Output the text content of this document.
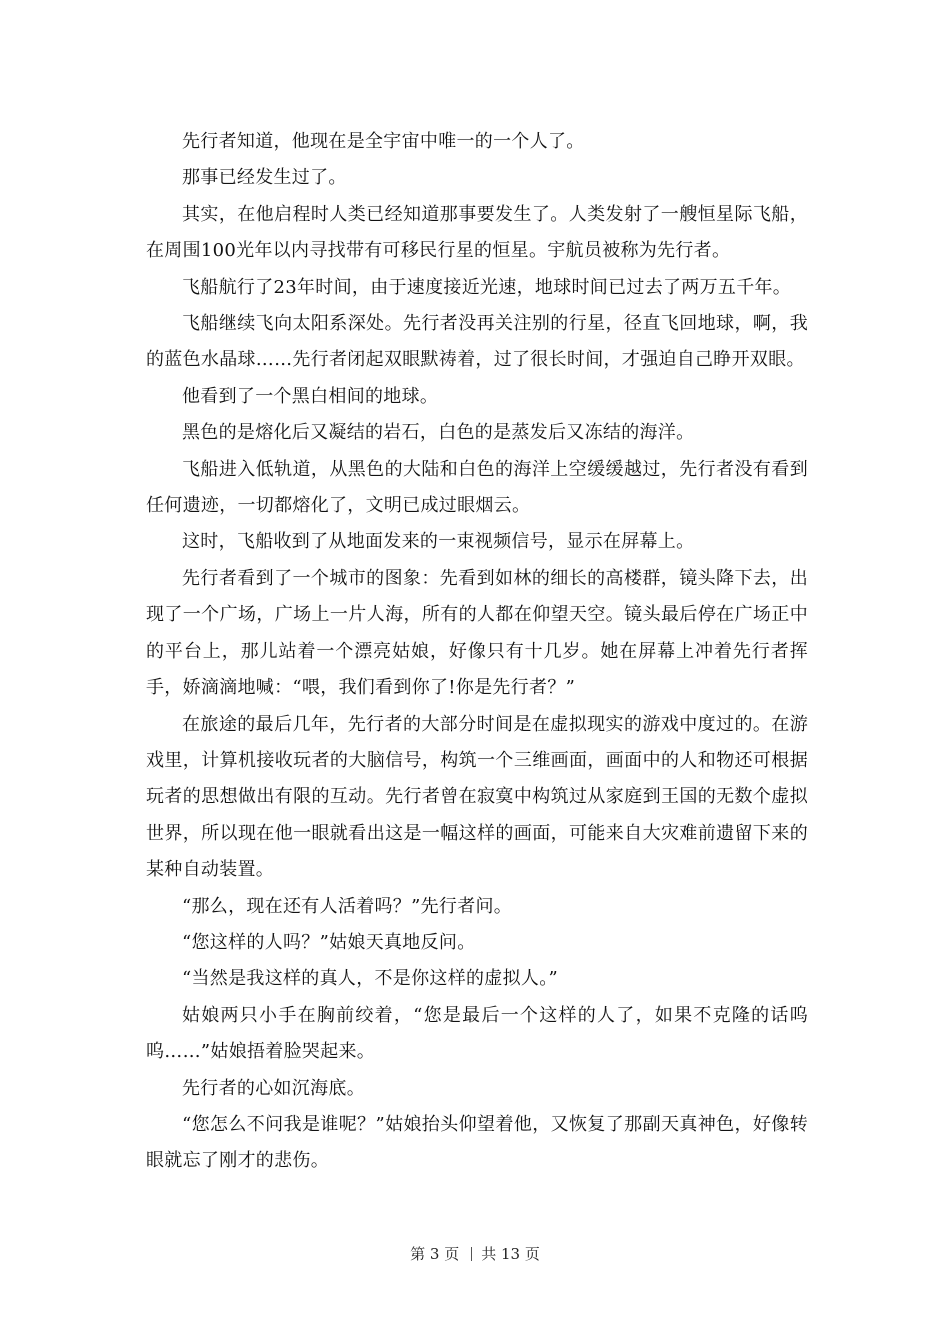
先行者知道，他现在是全宇宙中唯一的一个人了。

那事已经发生过了。

其实，在他启程时人类已经知道那事要发生了。人类发射了一艘恒星际飞船，在周围100光年以内寻找带有可移民行星的恒星。宇航员被称为先行者。

飞船航行了23年时间，由于速度接近光速，地球时间已过去了两万五千年。

飞船继续飞向太阳系深处。先行者没再关注别的行星，径直飞回地球，啊，我的蓝色水晶球……先行者闭起双眼默祷着，过了很长时间，才强迫自己睁开双眼。

他看到了一个黑白相间的地球。

黑色的是熔化后又凝结的岩石，白色的是蒸发后又冻结的海洋。

飞船进入低轨道，从黑色的大陆和白色的海洋上空缓缓越过，先行者没有看到任何遗迹，一切都熔化了，文明已成过眼烟云。

这时，飞船收到了从地面发来的一束视频信号，显示在屏幕上。

先行者看到了一个城市的图象：先看到如林的细长的高楼群，镜头降下去，出现了一个广场，广场上一片人海，所有的人都在仰望天空。镜头最后停在广场正中的平台上，那儿站着一个漂亮姑娘，好像只有十几岁。她在屏幕上冲着先行者挥手，娇滴滴地喊：“喂，我们看到你了!你是先行者？”

在旅途的最后几年，先行者的大部分时间是在虚拟现实的游戏中度过的。在游戏里，计算机接收玩者的大脑信号，构筑一个三维画面，画面中的人和物还可根据玩者的思想做出有限的互动。先行者曾在寂寞中构筑过从家庭到王国的无数个虚拟世界，所以现在他一眼就看出这是一幅这样的画面，可能来自大灾难前遗留下来的某种自动装置。

“那么，现在还有人活着吗？”先行者问。

“您这样的人吗？”姑娘天真地反问。

“当然是我这样的真人，不是你这样的虚拟人。”

姑娘两只小手在胸前绞着，“您是最后一个这样的人了，如果不克隆的话呜呜……”姑娘捂着脸哭起来。

先行者的心如沉海底。

“您怎么不问我是谁呢？”姑娘抬头仰望着他，又恢复了那副天真神色，好像转眼就忘了刚才的悲伤。

第 3 页 共 13 页
